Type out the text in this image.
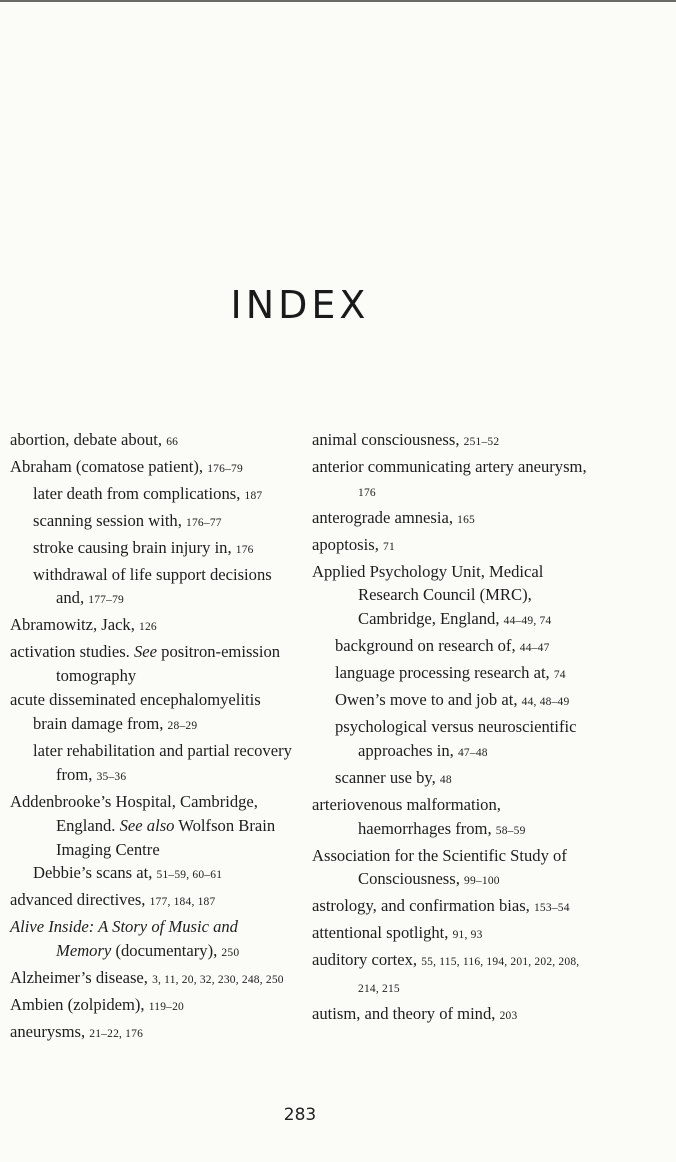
INDEX
abortion, debate about, 66
Abraham (comatose patient), 176–79
later death from complications, 187
scanning session with, 176–77
stroke causing brain injury in, 176
withdrawal of life support decisions and, 177–79
Abramowitz, Jack, 126
activation studies. See positron-emission tomography
acute disseminated encephalomyelitis
brain damage from, 28–29
later rehabilitation and partial recovery from, 35–36
Addenbrooke’s Hospital, Cambridge, England. See also Wolfson Brain Imaging Centre
Debbie’s scans at, 51–59, 60–61
advanced directives, 177, 184, 187
Alive Inside: A Story of Music and Memory (documentary), 250
Alzheimer’s disease, 3, 11, 20, 32, 230, 248, 250
Ambien (zolpidem), 119–20
aneurysms, 21–22, 176
animal consciousness, 251–52
anterior communicating artery aneurysm, 176
anterograde amnesia, 165
apoptosis, 71
Applied Psychology Unit, Medical Research Council (MRC), Cambridge, England, 44–49, 74
background on research of, 44–47
language processing research at, 74
Owen’s move to and job at, 44, 48–49
psychological versus neuroscientific approaches in, 47–48
scanner use by, 48
arteriovenous malformation, haemorrhages from, 58–59
Association for the Scientific Study of Consciousness, 99–100
astrology, and confirmation bias, 153–54
attentional spotlight, 91, 93
auditory cortex, 55, 115, 116, 194, 201, 202, 208, 214, 215
autism, and theory of mind, 203
283
